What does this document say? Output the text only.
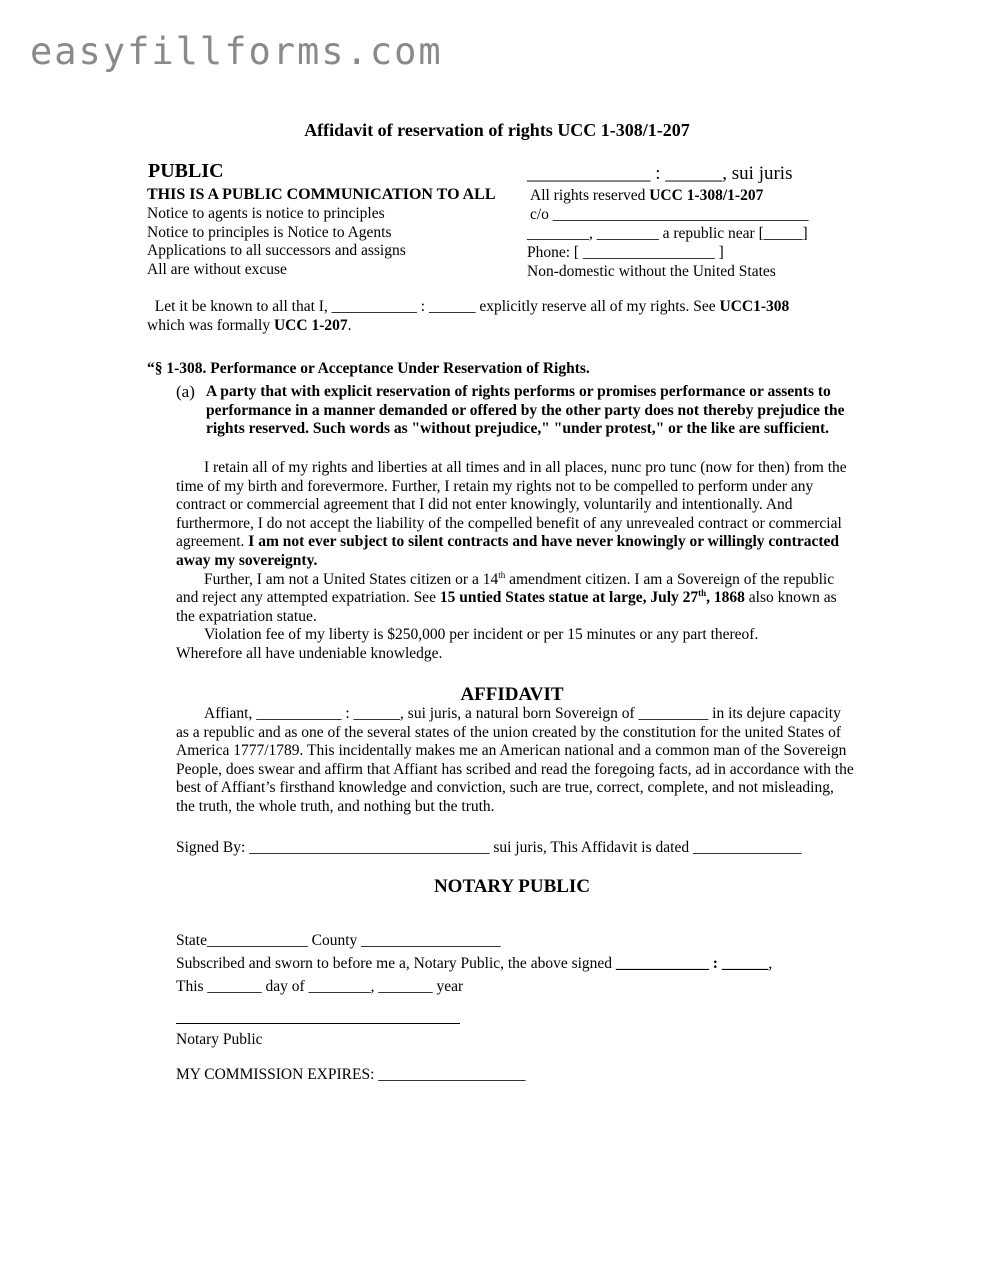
easyfillforms.com
Affidavit of reservation of rights UCC 1-308/1-207
PUBLIC
THIS IS A PUBLIC COMMUNICATION TO ALL
Notice to agents is notice to principles
Notice to principles is Notice to Agents
Applications to all successors and assigns
All are without excuse
_____________ : ______, sui juris
All rights reserved UCC 1-308/1-207
c/o _________________________________
________, ________ a republic near [_____]
Phone: [ _________________ ]
Non-domestic without the United States

Let it be known to all that I, ___________ : ______ explicitly reserve all of my rights. See UCC1-308
which was formally UCC 1-207.

“§ 1-308. Performance or Acceptance Under Reservation of Rights.
(a) A party that with explicit reservation of rights performs or promises performance or assents to performance in a manner demanded or offered by the other party does not thereby prejudice the rights reserved. Such words as "without prejudice," "under protest," or the like are sufficient.

I retain all of my rights and liberties at all times and in all places, nunc pro tunc (now for then) from the time of my birth and forevermore. Further, I retain my rights not to be compelled to perform under any contract or commercial agreement that I did not enter knowingly, voluntarily and intentionally. And furthermore, I do not accept the liability of the compelled benefit of any unrevealed contract or commercial agreement. I am not ever subject to silent contracts and have never knowingly or willingly contracted away my sovereignty.

Further, I am not a United States citizen or a 14th amendment citizen. I am a Sovereign of the republic and reject any attempted expatriation. See 15 untied States statue at large, July 27th, 1868 also known as the expatriation statue.

Violation fee of my liberty is $250,000 per incident or per 15 minutes or any part thereof.

Wherefore all have undeniable knowledge.

AFFIDAVIT

Affiant, ___________ : ______, sui juris, a natural born Sovereign of _________ in its dejure capacity as a republic and as one of the several states of the union created by the constitution for the united States of America 1777/1789. This incidentally makes me an American national and a common man of the Sovereign People, does swear and affirm that Affiant has scribed and read the foregoing facts, ad in accordance with the best of Affiant’s firsthand knowledge and conviction, such are true, correct, complete, and not misleading, the truth, the whole truth, and nothing but the truth.

Signed By: _______________________________ sui juris, This Affidavit is dated ______________
NOTARY PUBLIC
State_____________ County __________________
Subscribed and sworn to before me a, Notary Public, the above signed ____________ : ______,
This _______ day of ________, _______ year
Notary Public
MY COMMISSION EXPIRES: ___________________
